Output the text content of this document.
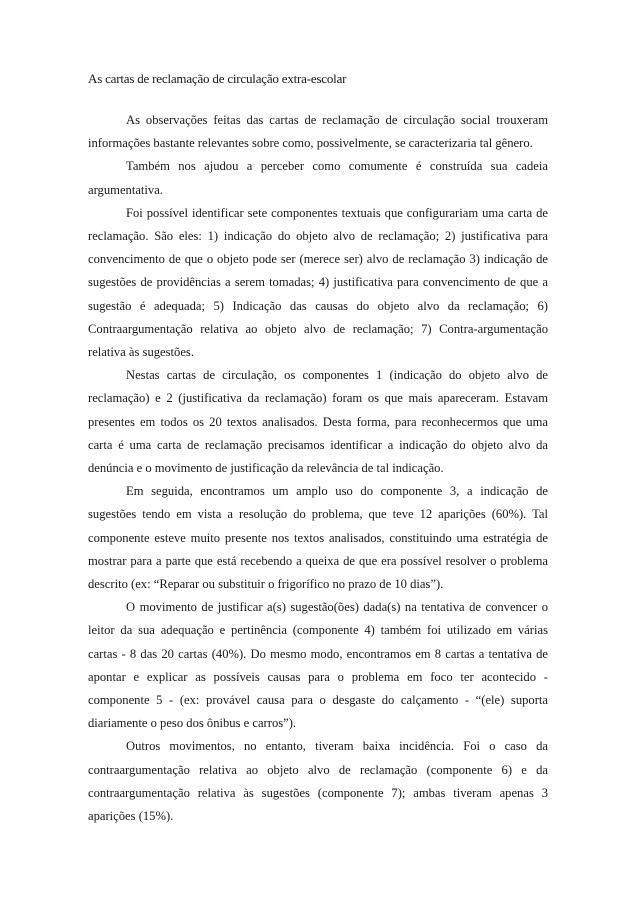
As cartas de reclamação de circulação extra-escolar

As observações feitas das cartas de reclamação de circulação social trouxeram informações bastante relevantes sobre como, possivelmente, se caracterizaria tal gênero.

Também nos ajudou a perceber como comumente é construída sua cadeia argumentativa.

Foi possível identificar sete componentes textuais que configurariam uma carta de reclamação. São eles: 1) indicação do objeto alvo de reclamação; 2) justificativa para convencimento de que o objeto pode ser (merece ser) alvo de reclamação 3) indicação de sugestões de providências a serem tomadas; 4) justificativa para convencimento de que a sugestão é adequada; 5) Indicação das causas do objeto alvo da reclamação; 6) Contraargumentação relativa ao objeto alvo de reclamação; 7) Contra-argumentação relativa às sugestões.

Nestas cartas de circulação, os componentes 1 (indicação do objeto alvo de reclamação) e 2 (justificativa da reclamação) foram os que mais apareceram. Estavam presentes em todos os 20 textos analisados. Desta forma, para reconhecermos que uma carta é uma carta de reclamação precisamos identificar a indicação do objeto alvo da denúncia e o movimento de justificação da relevância de tal indicação.

Em seguida, encontramos um amplo uso do componente 3, a indicação de sugestões tendo em vista a resolução do problema, que teve 12 aparições (60%). Tal componente esteve muito presente nos textos analisados, constituindo uma estratégia de mostrar para a parte que está recebendo a queixa de que era possível resolver o problema descrito (ex: “Reparar ou substituir o frigorífico no prazo de 10 dias”).

O movimento de justificar a(s) sugestão(ões) dada(s) na tentativa de convencer o leitor da sua adequação e pertinência (componente 4) também foi utilizado em várias cartas - 8 das 20 cartas (40%). Do mesmo modo, encontramos em 8 cartas a tentativa de apontar e explicar as possíveis causas para o problema em foco ter acontecido - componente 5 - (ex: provável causa para o desgaste do calçamento - “(ele) suporta diariamente o peso dos ônibus e carros”).

Outros movimentos, no entanto, tiveram baixa incidência. Foi o caso da contraargumentação relativa ao objeto alvo de reclamação (componente 6) e da contraargumentação relativa às sugestões (componente 7); ambas tiveram apenas 3 aparições (15%).
